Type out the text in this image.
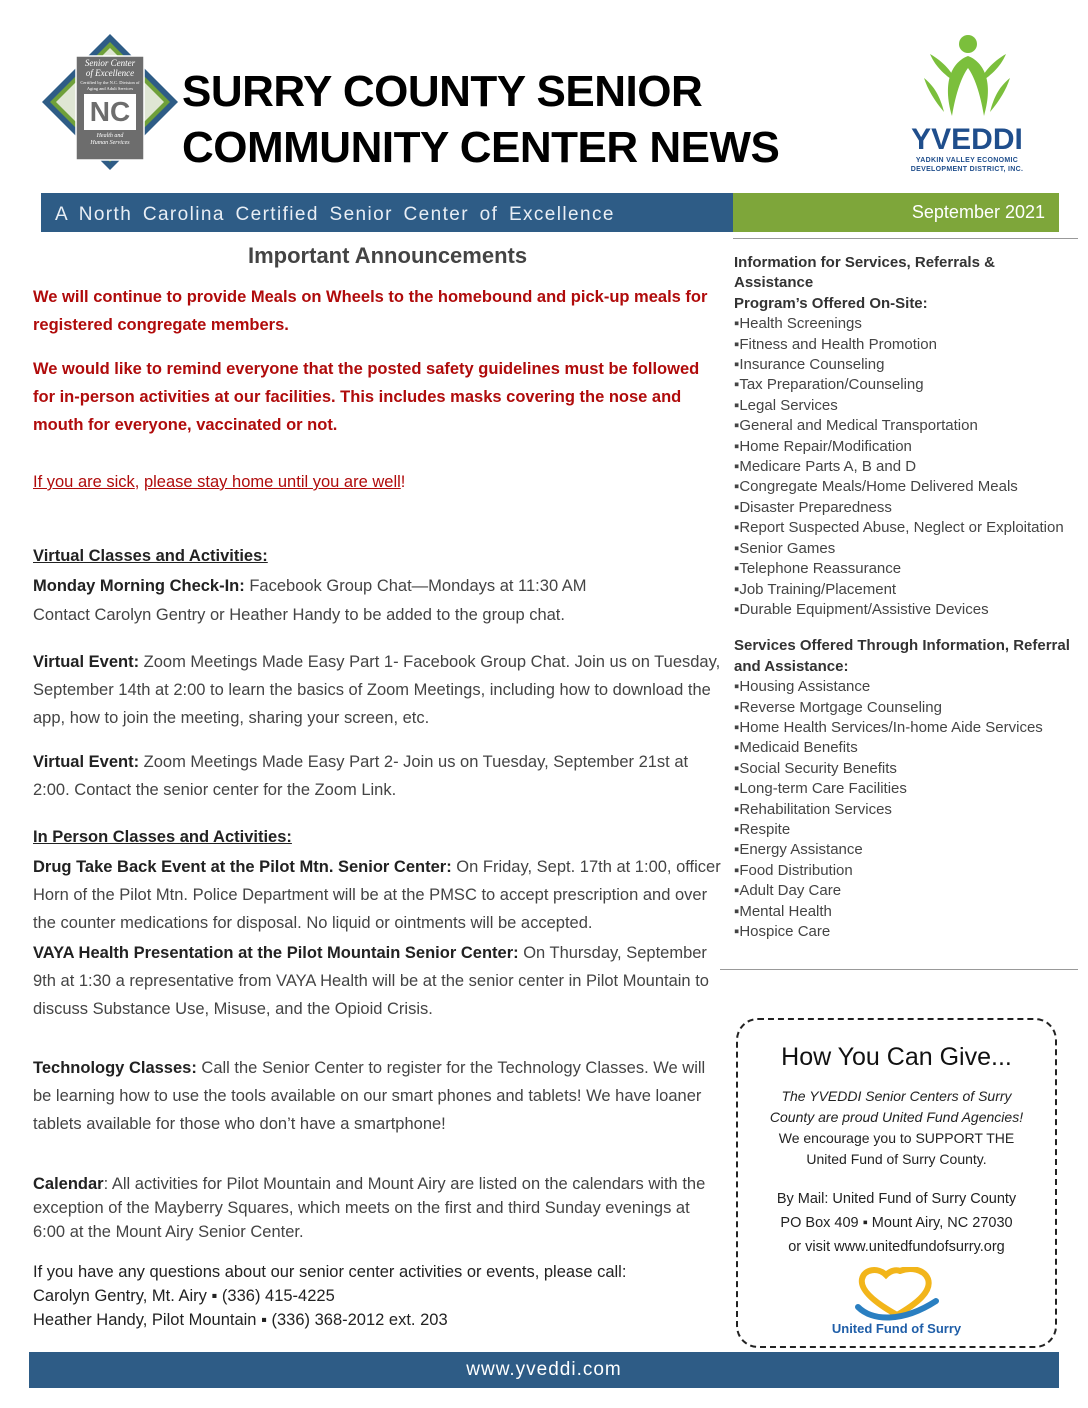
Senior Center
of Excellence
Certified by the N.C. Division of Aging and Adult Services
NC
Health and
Human Services
SURRY COUNTY SENIOR
COMMUNITY CENTER NEWS	YVEDDI
YADKIN VALLEY ECONOMIC
DEVELOPMENT DISTRICT, INC.
A North Carolina Certified Senior Center of Excellence	September 2021
Important Announcements
We will continue to provide Meals on Wheels to the homebound and pick-up meals for registered congregate members.
We would like to remind everyone that the posted safety guidelines must be followed for in-person activities at our facilities. This includes masks covering the nose and mouth for everyone, vaccinated or not.
If you are sick, please stay home until you are well!
Virtual Classes and Activities:
Monday Morning Check-In: Facebook Group Chat—Mondays at 11:30 AM
Contact Carolyn Gentry or Heather Handy to be added to the group chat.
Virtual Event: Zoom Meetings Made Easy Part 1- Facebook Group Chat. Join us on Tuesday, September 14th at 2:00 to learn the basics of Zoom Meetings, including how to download the app, how to join the meeting, sharing your screen, etc.
Virtual Event: Zoom Meetings Made Easy Part 2- Join us on Tuesday, September 21st at 2:00. Contact the senior center for the Zoom Link.
In Person Classes and Activities:
Drug Take Back Event at the Pilot Mtn. Senior Center: On Friday, Sept. 17th at 1:00, officer Horn of the Pilot Mtn. Police Department will be at the PMSC to accept prescription and over the counter medications for disposal. No liquid or ointments will be accepted.
VAYA Health Presentation at the Pilot Mountain Senior Center: On Thursday, September 9th at 1:30 a representative from VAYA Health will be at the senior center in Pilot Mountain to discuss Substance Use, Misuse, and the Opioid Crisis.
Technology Classes: Call the Senior Center to register for the Technology Classes. We will be learning how to use the tools available on our smart phones and tablets! We have loaner tablets available for those who don’t have a smartphone!
Calendar: All activities for Pilot Mountain and Mount Airy are listed on the calendars with the exception of the Mayberry Squares, which meets on the first and third Sunday evenings at 6:00 at the Mount Airy Senior Center.
If you have any questions about our senior center activities or events, please call:
Carolyn Gentry, Mt. Airy ▪ (336) 415-4225
Heather Handy, Pilot Mountain ▪ (336) 368-2012 ext. 203
Information for Services, Referrals & Assistance
Program’s Offered On-Site:
▪ Health Screenings
▪ Fitness and Health Promotion
▪ Insurance Counseling
▪ Tax Preparation/Counseling
▪ Legal Services
▪ General and Medical Transportation
▪ Home Repair/Modification
▪ Medicare Parts A, B and D
▪ Congregate Meals/Home Delivered Meals
▪ Disaster Preparedness
▪ Report Suspected Abuse, Neglect or Exploitation
▪ Senior Games
▪ Telephone Reassurance
▪ Job Training/Placement
▪ Durable Equipment/Assistive Devices
Services Offered Through Information, Referral and Assistance:
▪ Housing Assistance
▪ Reverse Mortgage Counseling
▪ Home Health Services/In-home Aide Services
▪ Medicaid Benefits
▪ Social Security Benefits
▪ Long-term Care Facilities
▪ Rehabilitation Services
▪ Respite
▪ Energy Assistance
▪ Food Distribution
▪ Adult Day Care
▪ Mental Health
▪ Hospice Care
How You Can Give...
The YVEDDI Senior Centers of Surry County are proud United Fund Agencies!
We encourage you to SUPPORT THE
United Fund of Surry County.
By Mail: United Fund of Surry County
PO Box 409 ▪ Mount Airy, NC 27030
or visit www.unitedfundofsurry.org
United Fund of Surry
www.yveddi.com
